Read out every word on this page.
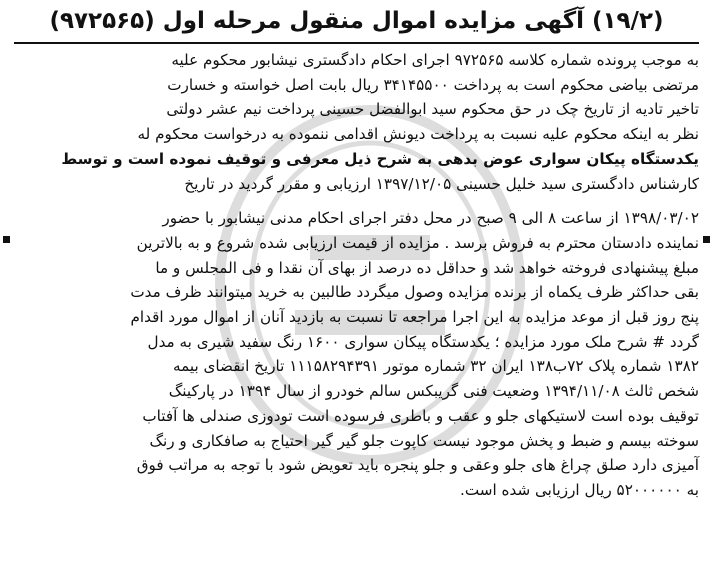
(۱۹/۲) آگهی مزایده اموال منقول مرحله اول (۹۷۲۵۶۵)
به موجب پرونده شماره کلاسه ۹۷۲۵۶۵ اجرای احکام دادگستری نیشابور محکوم علیه
مرتضی بیاضی محکوم است به پرداخت ۳۴۱۴۵۵۰۰ ریال بابت اصل خواسته و خسارت
تاخیر تادیه از تاریخ چک در حق محکوم سید ابوالفضل حسینی پرداخت نیم عشر دولتی
نظر به اینکه محکوم علیه نسبت به پرداخت دیونش اقدامی ننموده به درخواست محکوم له
یکدستگاه پیکان سواری عوض بدهی به شرح ذیل معرفی و توقیف نموده است و توسط
کارشناس دادگستری سید خلیل حسینی ۱۳۹۷/۱۲/۰۵ ارزیابی و مقرر گردید در تاریخ
۱۳۹۸/۰۳/۰۲ از ساعت ۸ الی ۹ صبح در محل دفتر اجرای احکام مدنی نیشابور با حضور
نماینده دادستان محترم به فروش برسد . مزایده از قیمت ارزیابی شده شروع و به بالاترین
مبلغ پیشنهادی فروخته خواهد شد و حداقل ده درصد از بهای آن نقدا و فی المجلس و ما
بقی حداکثر ظرف یکماه از برنده مزایده وصول میگردد طالبین به خرید میتوانند ظرف مدت
پنج روز قبل از موعد مزایده به این اجرا مراجعه تا نسبت به بازدید آنان از اموال مورد اقدام
گردد # شرح ملک مورد مزایده ؛ یکدستگاه پیکان سواری ۱۶۰۰ رنگ سفید شیری به مدل
۱۳۸۲ شماره پلاک ۷۲ب۱۳۸ ایران ۳۲ شماره موتور ۱۱۱۵۸۲۹۴۳۹۱ تاریخ انقضای بیمه
شخص ثالث ۱۳۹۴/۱۱/۰۸ وضعیت فنی گریبکس سالم خودرو از سال ۱۳۹۴ در پارکینگ
توقیف بوده است لاستیکهای جلو و عقب و باطری فرسوده است تودوزی صندلی ها آفتاب
سوخته بیسم و ضبط و پخش موجود نیست کاپوت جلو گیر گیر احتیاج به صافکاری و رنگ
آمیزی دارد صلق چراغ های جلو وعقی و جلو پنجره باید تعویض شود با توجه به مراتب فوق
به ۵۲۰۰۰۰۰۰ ریال ارزیابی شده است.
